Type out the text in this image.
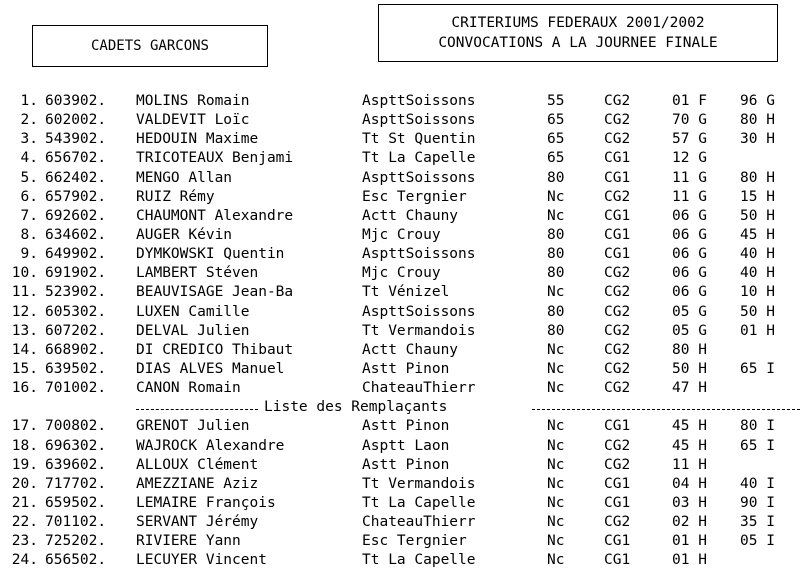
CADETS GARCONS
CRITERIUMS FEDERAUX 2001/2002
CONVOCATIONS A LA JOURNEE FINALE
1. 603902. MOLINS Romain	AspttSoissons	55	CG2	01 F 96 G
2. 602002. VALDEVIT Loïc	AspttSoissons	65	CG2	70 G 80 H
3. 543902. HEDOUIN Maxime	Tt St Quentin	65	CG2	57 G 30 H
4. 656702. TRICOTEAUX Benjami	Tt La Capelle	65	CG1	12 G
5. 662402. MENGO Allan	AspttSoissons	80	CG1	11 G 80 H
6. 657902. RUIZ Rémy	Esc Tergnier	Nc	CG2	11 G 15 H
7. 692602. CHAUMONT Alexandre	Actt Chauny	Nc	CG1	06 G 50 H
8. 634602. AUGER Kévin	Mjc Crouy	80	CG1	06 G 45 H
9. 649902. DYMKOWSKI Quentin	AspttSoissons	80	CG1	06 G 40 H
10. 691902. LAMBERT Stéven	Mjc Crouy	80	CG2	06 G 40 H
11. 523902. BEAUVISAGE Jean-Ba	Tt Vénizel	Nc	CG2	06 G 10 H
12. 605302. LUXEN Camille	AspttSoissons	80	CG2	05 G 50 H
13. 607202. DELVAL Julien	Tt Vermandois	80	CG2	05 G 01 H
14. 668902. DI CREDICO Thibaut	Actt Chauny	Nc	CG2	80 H
15. 639502. DIAS ALVES Manuel	Astt Pinon	Nc	CG2	50 H 65 I
16. 701002. CANON Romain	ChateauThierr	Nc	CG2	47 H
Liste des Remplaçants
17. 700802. GRENOT Julien	Astt Pinon	Nc	CG1	45 H 80 I
18. 696302. WAJROCK Alexandre	Asptt Laon	Nc	CG2	45 H 65 I
19. 639602. ALLOUX Clément	Astt Pinon	Nc	CG2	11 H
20. 717702. AMEZZIANE Aziz	Tt Vermandois	Nc	CG1	04 H 40 I
21. 659502. LEMAIRE François	Tt La Capelle	Nc	CG1	03 H 90 I
22. 701102. SERVANT Jérémy	ChateauThierr	Nc	CG2	02 H 35 I
23. 725202. RIVIERE Yann	Esc Tergnier	Nc	CG1	01 H 05 I
24. 656502. LECUYER Vincent	Tt La Capelle	Nc	CG1	01 H
